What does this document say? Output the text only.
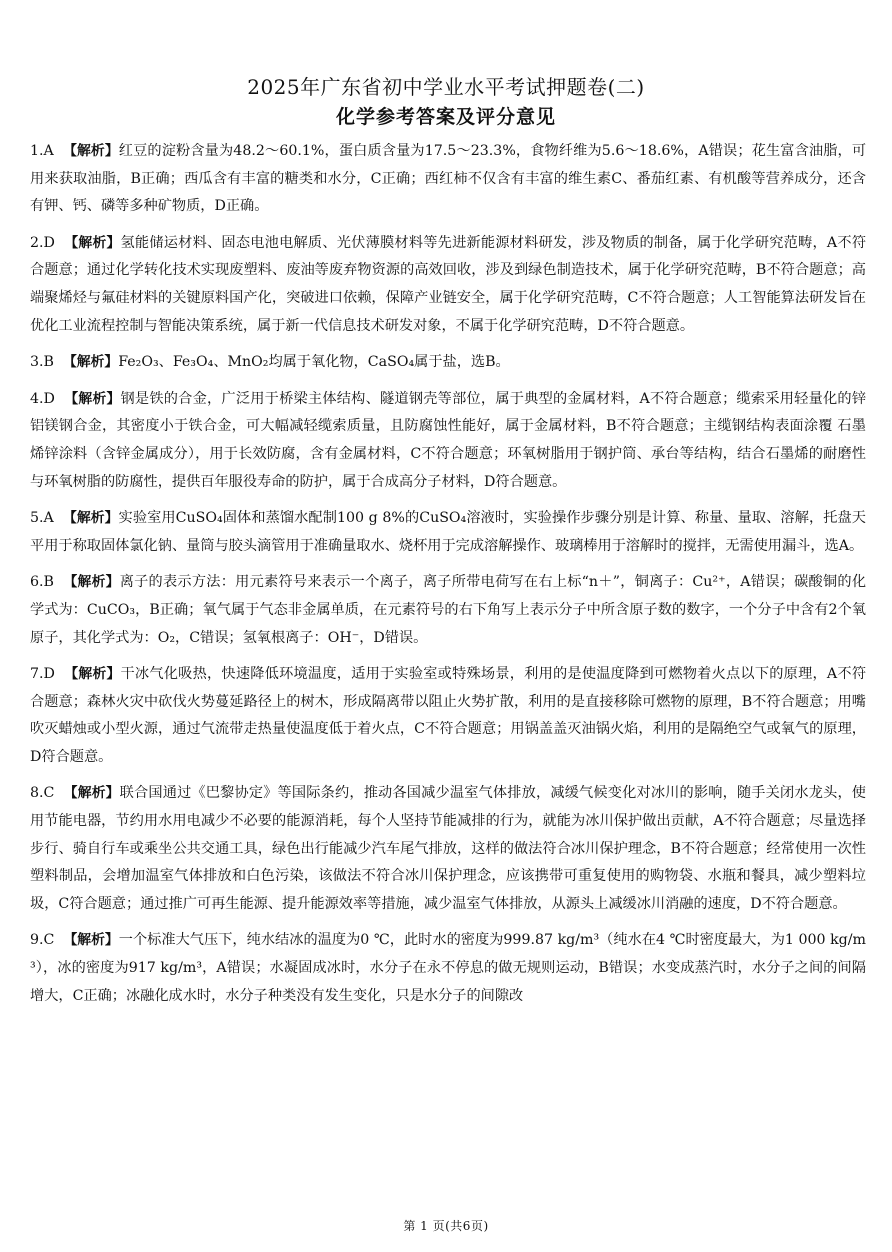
2025年广东省初中学业水平考试押题卷(二)
化学参考答案及评分意见
1.A 【解析】红豆的淀粉含量为48.2～60.1%，蛋白质含量为17.5～23.3%，食物纤维为5.6～18.6%，A错误；花生富含油脂，可用来获取油脂，B正确；西瓜含有丰富的糖类和水分，C正确；西红柿不仅含有丰富的维生素C、番茄红素、有机酸等营养成分，还含有钾、钙、磷等多种矿物质，D正确。
2.D 【解析】氢能储运材料、固态电池电解质、光伏薄膜材料等先进新能源材料研发，涉及物质的制备，属于化学研究范畴，A不符合题意；通过化学转化技术实现废塑料、废油等废弃物资源的高效回收，涉及到绿色制造技术，属于化学研究范畴，B不符合题意；高端聚烯烃与氟硅材料的关键原料国产化，突破进口依赖，保障产业链安全，属于化学研究范畴，C不符合题意；人工智能算法研发旨在优化工业流程控制与智能决策系统，属于新一代信息技术研发对象，不属于化学研究范畴，D不符合题意。
3.B 【解析】Fe₂O₃、Fe₃O₄、MnO₂均属于氧化物，CaSO₄属于盐，选B。
4.D 【解析】钢是铁的合金，广泛用于桥梁主体结构、隧道钢壳等部位，属于典型的金属材料，A不符合题意；缆索采用轻量化的锌铝镁钢合金，其密度小于铁合金，可大幅减轻缆索质量，且防腐蚀性能好，属于金属材料，B不符合题意；主缆钢结构表面涂覆 石墨烯锌涂料（含锌金属成分），用于长效防腐，含有金属材料，C不符合题意；环氧树脂用于钢护筒、承台等结构，结合石墨烯的耐磨性与环氧树脂的防腐性，提供百年服役寿命的防护，属于合成高分子材料，D符合题意。
5.A 【解析】实验室用CuSO₄固体和蒸馏水配制100 g 8%的CuSO₄溶液时，实验操作步骤分别是计算、称量、量取、溶解，托盘天平用于称取固体氯化钠、量筒与胶头滴管用于准确量取水、烧杯用于完成溶解操作、玻璃棒用于溶解时的搅拌，无需使用漏斗，选A。
6.B 【解析】离子的表示方法：用元素符号来表示一个离子，离子所带电荷写在右上标“n＋”，铜离子：Cu²⁺，A错误；碳酸铜的化学式为：CuCO₃，B正确；氧气属于气态非金属单质，在元素符号的右下角写上表示分子中所含原子数的数字，一个分子中含有2个氧原子，其化学式为：O₂，C错误；氢氧根离子：OH⁻，D错误。
7.D 【解析】干冰气化吸热，快速降低环境温度，适用于实验室或特殊场景，利用的是使温度降到可燃物着火点以下的原理，A不符合题意；森林火灾中砍伐火势蔓延路径上的树木，形成隔离带以阻止火势扩散，利用的是直接移除可燃物的原理，B不符合题意；用嘴吹灭蜡烛或小型火源，通过气流带走热量使温度低于着火点，C不符合题意；用锅盖盖灭油锅火焰，利用的是隔绝空气或氧气的原理，D符合题意。
8.C 【解析】联合国通过《巴黎协定》等国际条约，推动各国减少温室气体排放，减缓气候变化对冰川的影响，随手关闭水龙头，使用节能电器，节约用水用电减少不必要的能源消耗，每个人坚持节能减排的行为，就能为冰川保护做出贡献，A不符合题意；尽量选择步行、骑自行车或乘坐公共交通工具，绿色出行能减少汽车尾气排放，这样的做法符合冰川保护理念，B不符合题意；经常使用一次性塑料制品，会增加温室气体排放和白色污染，该做法不符合冰川保护理念，应该携带可重复使用的购物袋、水瓶和餐具，减少塑料垃圾，C符合题意；通过推广可再生能源、提升能源效率等措施，减少温室气体排放，从源头上减缓冰川消融的速度，D不符合题意。
9.C 【解析】一个标准大气压下，纯水结冰的温度为0 ℃，此时水的密度为999.87 kg/m³（纯水在4 ℃时密度最大，为1 000 kg/m³），冰的密度为917 kg/m³，A错误；水凝固成冰时，水分子在永不停息的做无规则运动，B错误；水变成蒸汽时，水分子之间的间隔增大，C正确；冰融化成水时，水分子种类没有发生变化，只是水分子的间隙改
第 1 页(共6页)
